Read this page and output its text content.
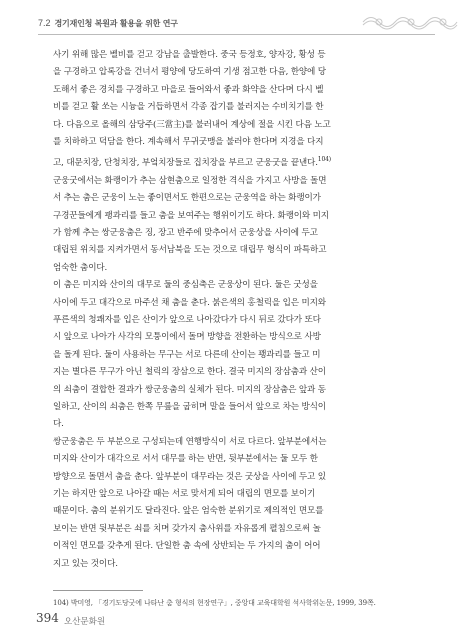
7.2 경기재인청 복원과 활용을 위한 연구
사기 위해 많은 벨비를 걷고 강남을 출발한다. 중국 등정호, 양자강, 황성 등
을 구경하고 압록강을 건너서 평양에 당도하여 기생 점고한 다음, 한양에 당
도해서 좋은 경치를 구경하고 마을로 들어와서 좋과 화약을 산다며 다시 벨
비를 걷고 활 쏘는 시늉을 거듭하면서 각종 잡기를 불러지는 수비치기를 한
다. 다음으로 올해의 삼당주(三當主)를 불러내어 계상에 절을 시킨 다음 노고
를 치하하고 덕담을 한다. 계속해서 무귀굿맹을 불러야 한다며 지경을 다지
고, 대문치장, 단청치장, 부엌치장들로 집치장을 부르고 군웅굿을 끝낸다.$^{104)}$
군웅굿에서는 화랭이가 추는 삼현춤으로 일정한 격식을 가지고 사방을 돌면
서 추는 춤은 군웅이 노는 좋이면서도 한편으로는 군웅역을 하는 화랭이가
구경꾼들에게 팽과리를 들고 춤을 보여주는 행위이기도 하다. 화랭이와 미지
가 함께 추는 쌍군웅춤은 징, 장고 반주에 맞추어서 군웅상을 사이에 두고
대립된 위치를 지켜가면서 동서남북을 도는 것으로 대립무 형식이 파특하고
엄숙한 춤이다.
이 춤은 미지와 산이의 대무로 둘의 중심축은 군웅상이 된다. 둘은 굿성을
사이에 두고 대각으로 마주선 채 춤을 춘다. 붉은색의 홍철릭을 입은 미지와
푸른색의 청쾌자를 입은 산이가 앞으로 나아갔다가 다시 뒤로 갔다가 또다
시 앞으로 나아가 사각의 모퉁이에서 돌며 방향을 전환하는 방식으로 사방
을 돌게 된다. 둘이 사용하는 무구는 서로 다른데 산이는 꽹과리를 들고 미
지는 별다른 무구가 아닌 철릭의 장삼으로 한다. 결국 미지의 장삼춤과 산이
의 쇠춤이 결합한 결과가 쌍군웅춤의 실체가 된다. 미지의 장삼춤은 앞과 동
일하고, 산이의 쇠춤은 한쪽 무릎을 굽히며 말을 들어서 앞으로 차는 방식이
다.
쌍군웅춤은 두 부분으로 구성되는데 연행방식이 서로 다르다. 앞부분에서는
미지와 산이가 대각으로 서서 대무를 하는 반면, 뒷부분에서는 둘 모두 한
방향으로 돌면서 춤을 춘다. 앞부분이 대무라는 것은 굿상을 사이에 두고 있
기는 하지만 앞으로 나아갈 때는 서로 맞서게 되어 대립의 면모를 보이기
때문이다. 춤의 분위기도 달라진다. 앞은 엄숙한 분위기로 제의적인 면모를
보이는 반면 뒷부분은 쇠를 치며 갖가지 춤사위를 자유롭게 펼침으로써 놀
이적인 면모를 갖추게 된다. 단일한 춤 속에 상반되는 두 가지의 춤이 어어
지고 있는 것이다.
104) 박미영, 「경기도당굿에 나타난 춤 형식의 현장연구」, 중앙대 교육대학원 석사학위논문, 1999, 39쪽.
394 오산문화원
